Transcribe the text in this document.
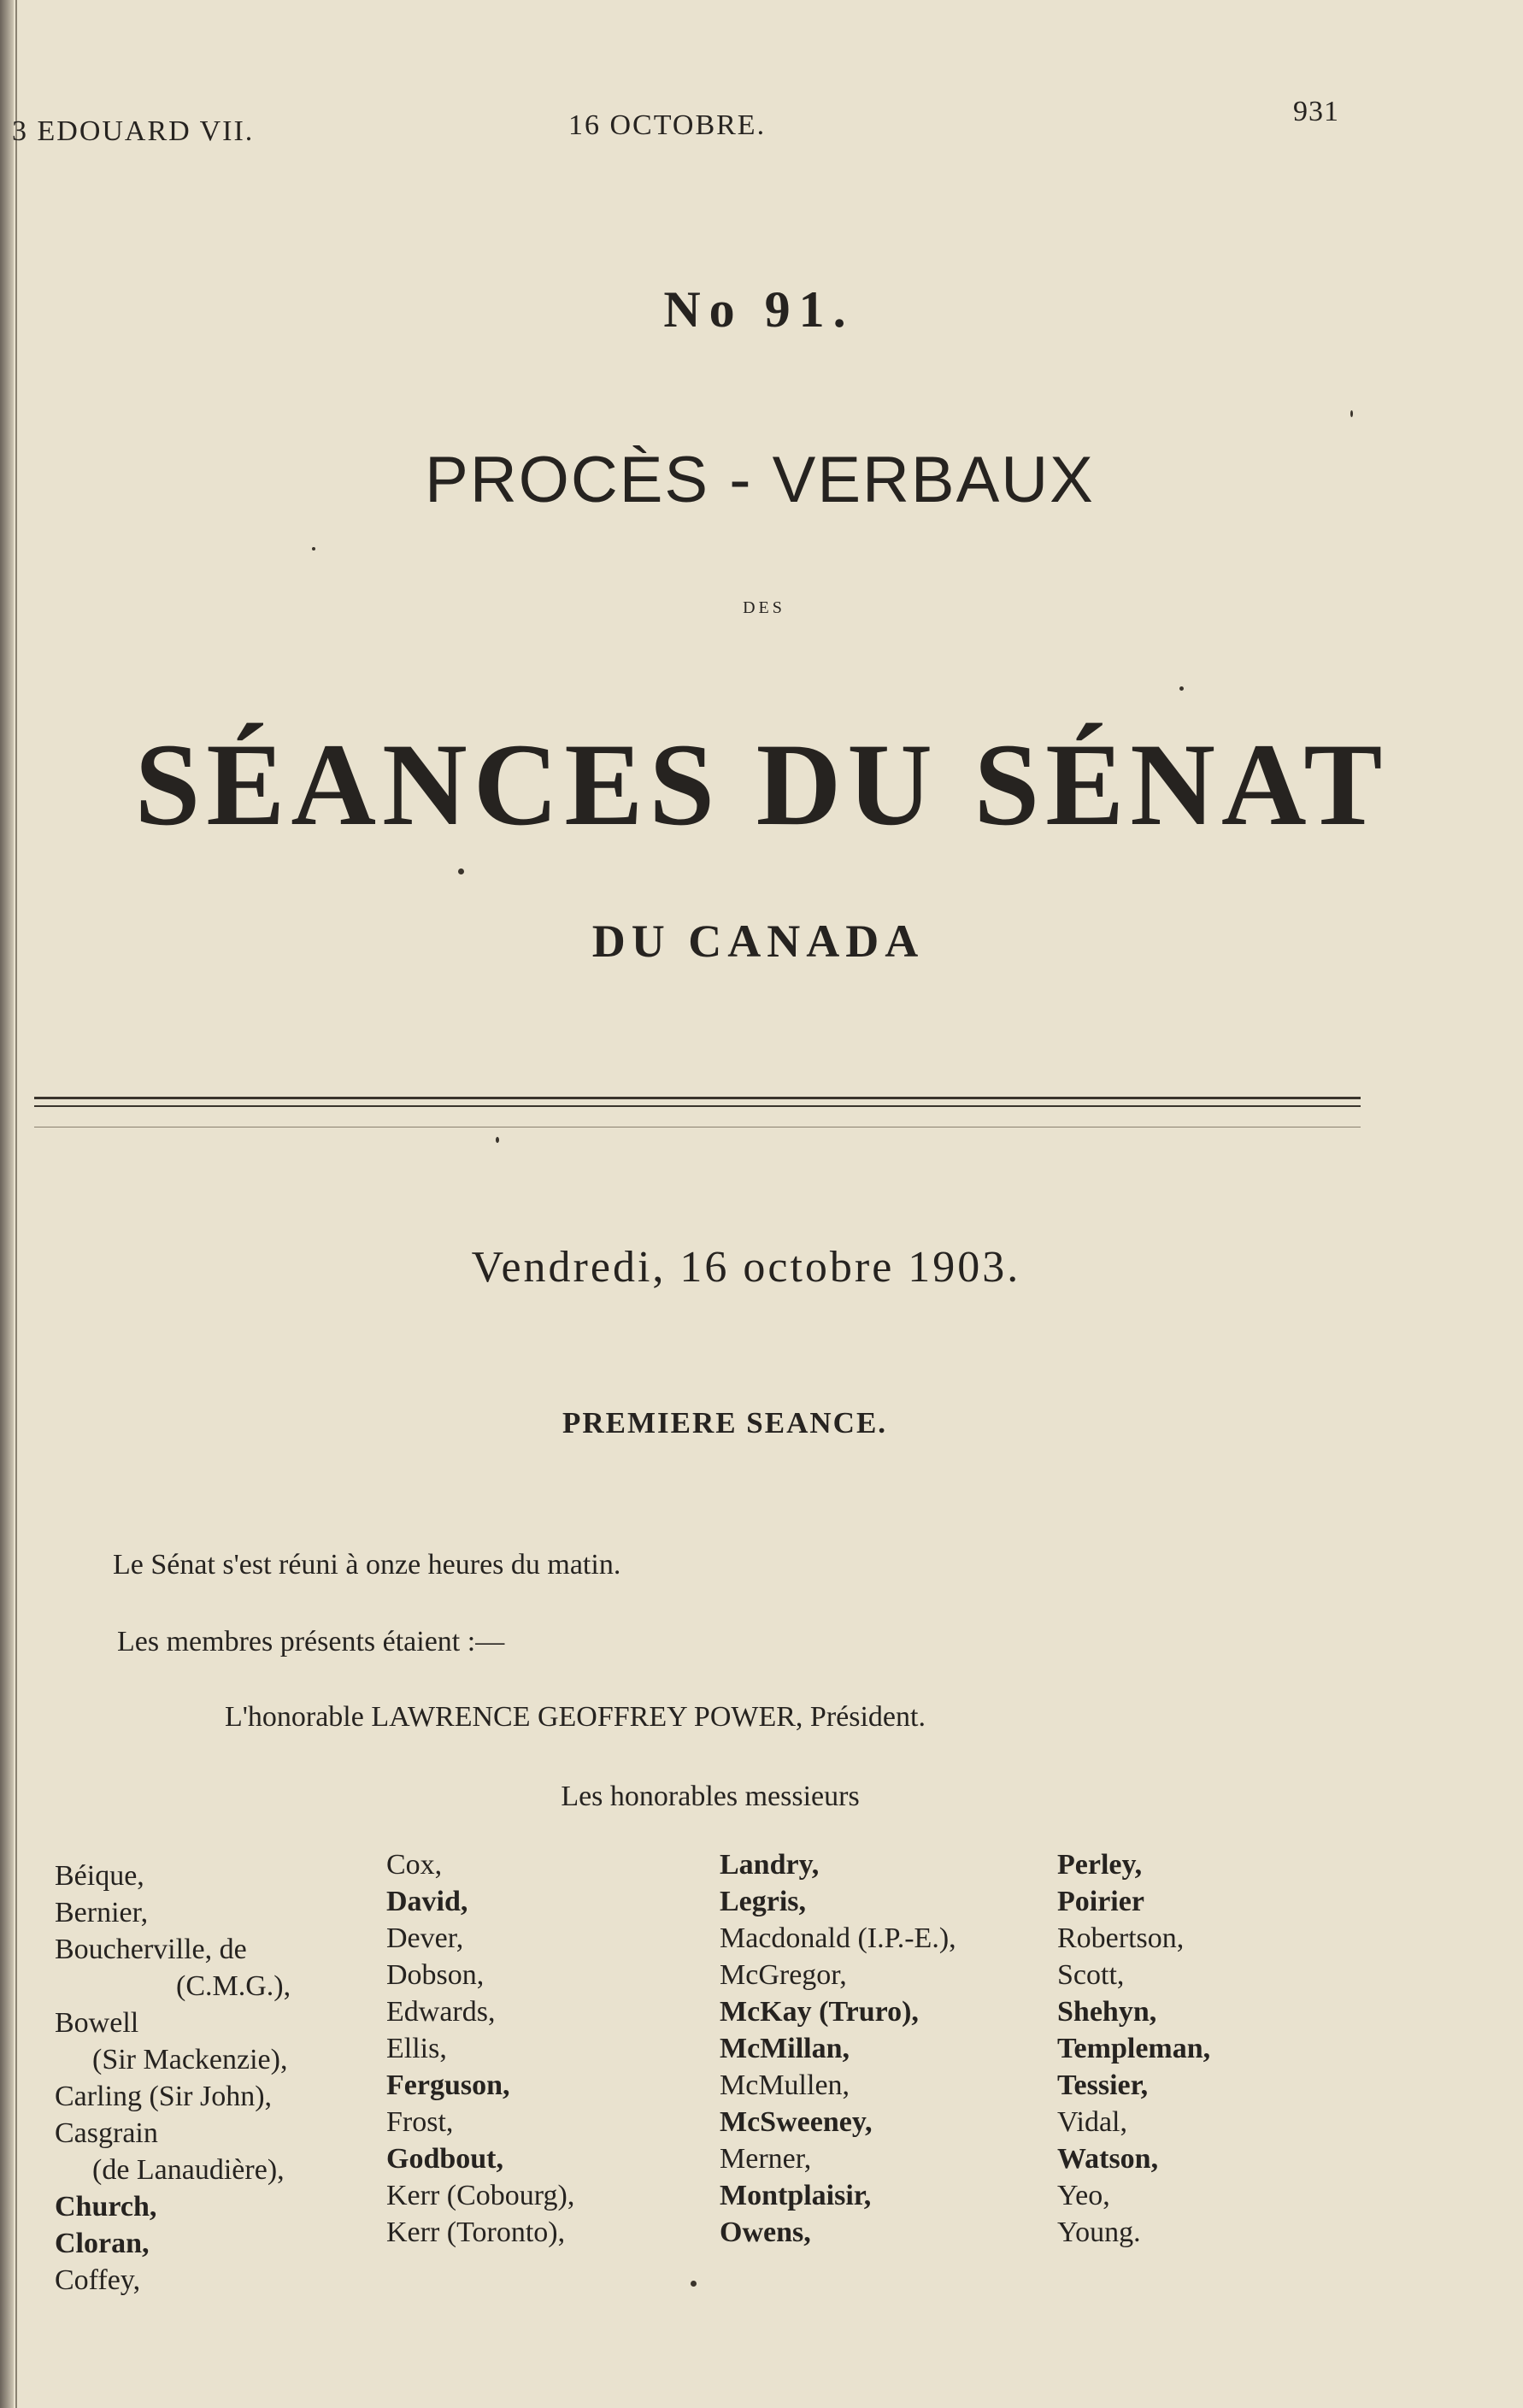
3 EDOUARD VII.	16 OCTOBRE.	931
No 91.
PROCÈS - VERBAUX
DES
SÉANCES DU SÉNAT
DU CANADA
Vendredi, 16 octobre 1903.
PREMIERE SEANCE.
Le Sénat s'est réuni à onze heures du matin.
Les membres présents étaient :—
L'honorable LAWRENCE GEOFFREY POWER, Président.
Les honorables messieurs
Béique,
Bernier,
Boucherville, de
(C.M.G.),
Bowell
(Sir Mackenzie),
Carling (Sir John),
Casgrain
(de Lanaudière),
Church,
Cloran,
Coffey,
Cox,
David,
Dever,
Dobson,
Edwards,
Ellis,
Ferguson,
Frost,
Godbout,
Kerr (Cobourg),
Kerr (Toronto),
Landry,
Legris,
Macdonald (I.P.-E.),
McGregor,
McKay (Truro),
McMillan,
McMullen,
McSweeney,
Merner,
Montplaisir,
Owens,
Perley,
Poirier
Robertson,
Scott,
Shehyn,
Templeman,
Tessier,
Vidal,
Watson,
Yeo,
Young.
